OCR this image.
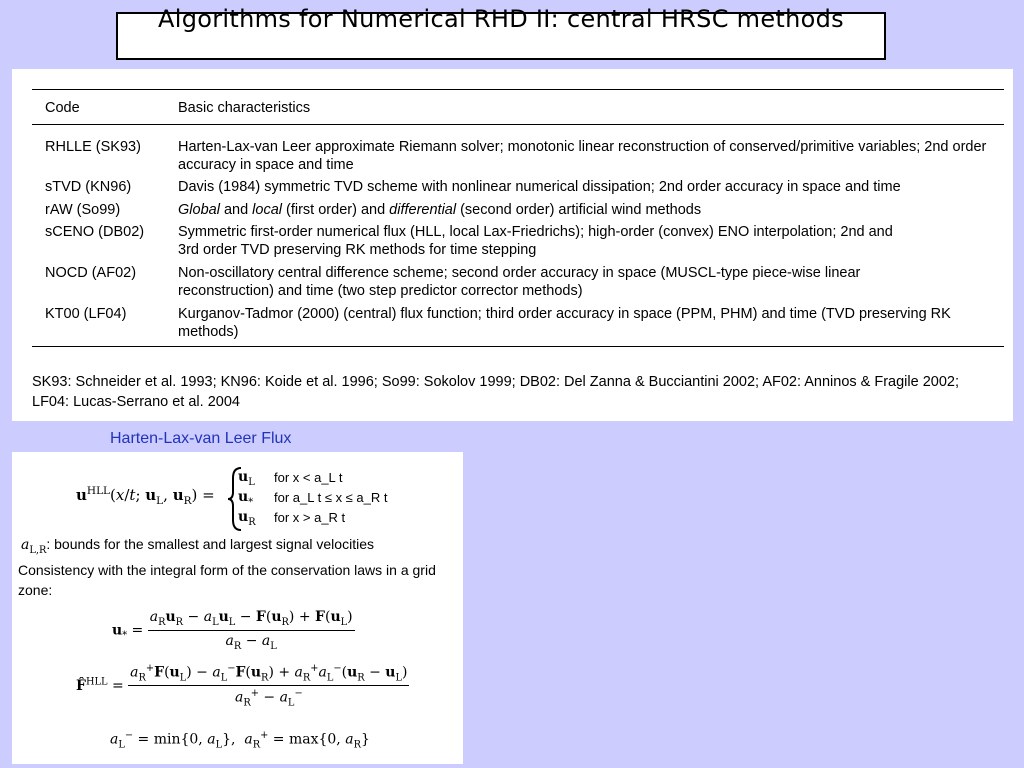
Algorithms for Numerical RHD II: central HRSC methods
Code	Basic characteristics
RHLLE (SK93)	Harten-Lax-van Leer approximate Riemann solver; monotonic linear reconstruction of conserved/primitive variables; 2nd order accuracy in space and time
sTVD (KN96)	Davis (1984) symmetric TVD scheme with nonlinear numerical dissipation; 2nd order accuracy in space and time
rAW (So99)	Global and local (first order) and differential (second order) artificial wind methods
sCENO (DB02) Symmetric first-order numerical flux (HLL, local Lax-Friedrichs); high-order (convex) ENO interpolation; 2nd and 3rd order TVD preserving RK methods for time stepping
NOCD (AF02)	Non-oscillatory central difference scheme; second order accuracy in space (MUSCL-type piece-wise linear reconstruction) and time (two step predictor corrector methods)
KT00 (LF04)	Kurganov-Tadmor (2000) (central) flux function; third order accuracy in space (PPM, PHM) and time (TVD preserving RK methods)
SK93: Schneider et al. 1993; KN96: Koide et al. 1996; So99: Sokolov 1999; DB02: Del Zanna & Bucciantini 2002; AF02: Anninos & Fragile 2002; LF04: Lucas-Serrano et al. 2004
Harten-Lax-van Leer Flux
$u^{HLL}(x/t$; $u_L$, $u_R$) =
$u_L$ for x < a_L t
$u_*$ for a_L t ≤ x ≤ a_R t
$u_R$ for x > a_R t
$a_{L,R}$: bounds for the smallest and largest signal velocities
Consistency with the integral form of the conservation laws in a grid zone:
$u_* = \frac{a_Ru_R - a_Lu_L - F(u_R) + F(u_L)}{a_R - a_L}$
F̂$^{HLL}$ = $\frac{a_R^+F(u_L) - a_L^-F(u_R) + a_R^+a_L^-(u_R - u_L)}{a_R^+ - a_L^-}$
$a_L^- = \min\{0$, $a_L$},  $a_R^+ = \max\{0$, $a_R$}
